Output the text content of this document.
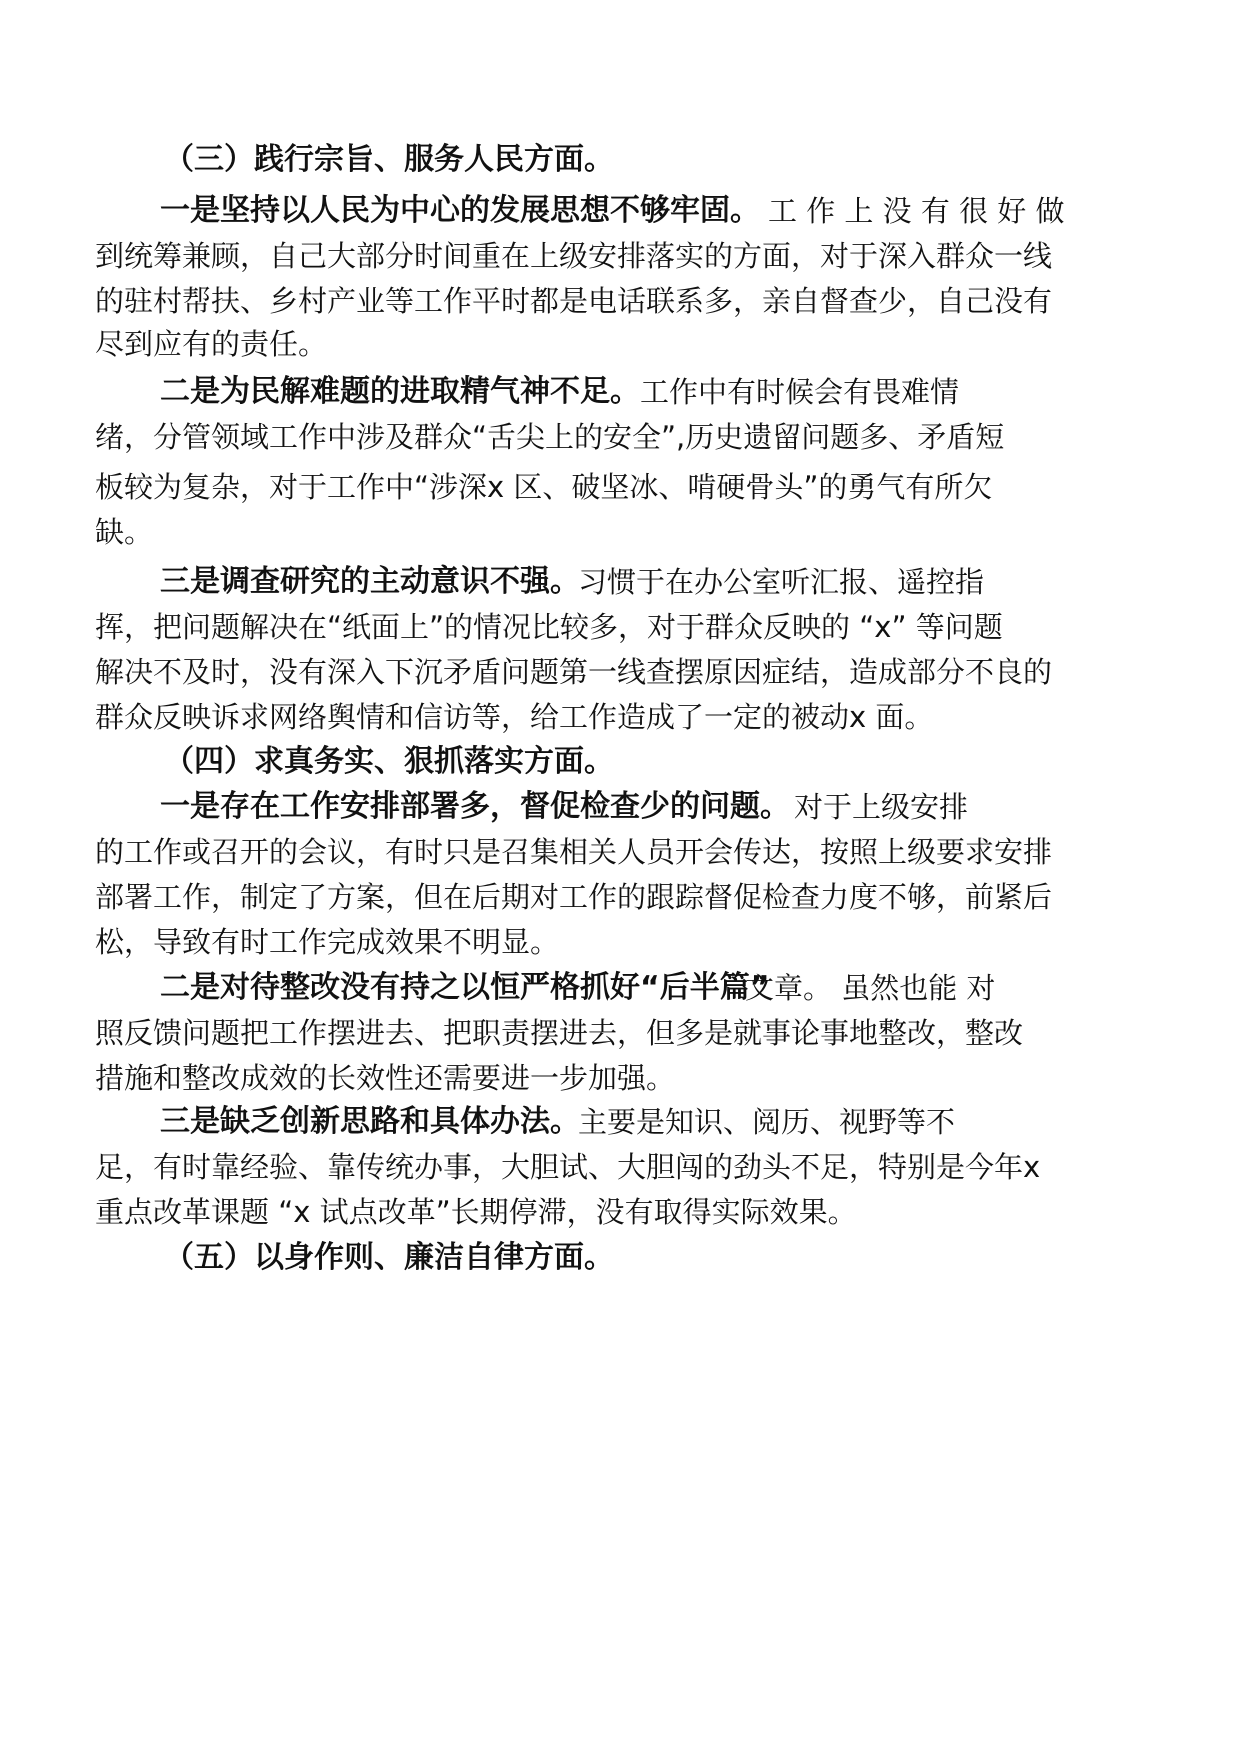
（三）践行宗旨、服务人民方面。
一是坚持以人民为中心的发展思想不够牢固。 工 作 上 没 有 很 好 做
到统筹兼顾，自己大部分时间重在上级安排落实的方面，对于深入群众一线
的驻村帮扶、乡村产业等工作平时都是电话联系多，亲自督查少，自己没有
尽到应有的责任。
二是为民解难题的进取精气神不足。 工作中有时候会有畏难情
绪，分管领域工作中涉及群众“舌尖上的安全”,历史遗留问题多、矛盾短
板较为复杂，对于工作中“涉深x 区、破坚冰、啃硬骨头”的勇气有所欠
缺。
三是调查研究的主动意识不强。
习惯于在办公室听汇报、遥控指
挥，把问题解决在“纸面上”的情况比较多，对于群众反映的 “x” 等问题
解决不及时，没有深入下沉矛盾问题第一线查摆原因症结，造成部分不良的
群众反映诉求网络舆情和信访等，给工作造成了一定的被动x 面。
（四）求真务实、狠抓落实方面。
一是存在工作安排部署多，督促检查少的问题。 对于上级安排
的工作或召开的会议，有时只是召集相关人员开会传达，按照上级要求安排
部署工作，制定了方案，但在后期对工作的跟踪督促检查力度不够，前紧后
松，导致有时工作完成效果不明显。
二是对待整改没有持之以恒严格抓好“后半篇”
文章。 虽然也能 对
照反馈问题把工作摆进去、把职责摆进去，但多是就事论事地整改，整改
措施和整改成效的长效性还需要进一步加强。
三是缺乏创新思路和具体办法。
主要是知识、阅历、视野等不
足，有时靠经验、靠传统办事，大胆试、大胆闯的劲头不足，特别是今年x
重点改革课题 “x 试点改革”长期停滞，没有取得实际效果。
（五）以身作则、廉洁自律方面。
